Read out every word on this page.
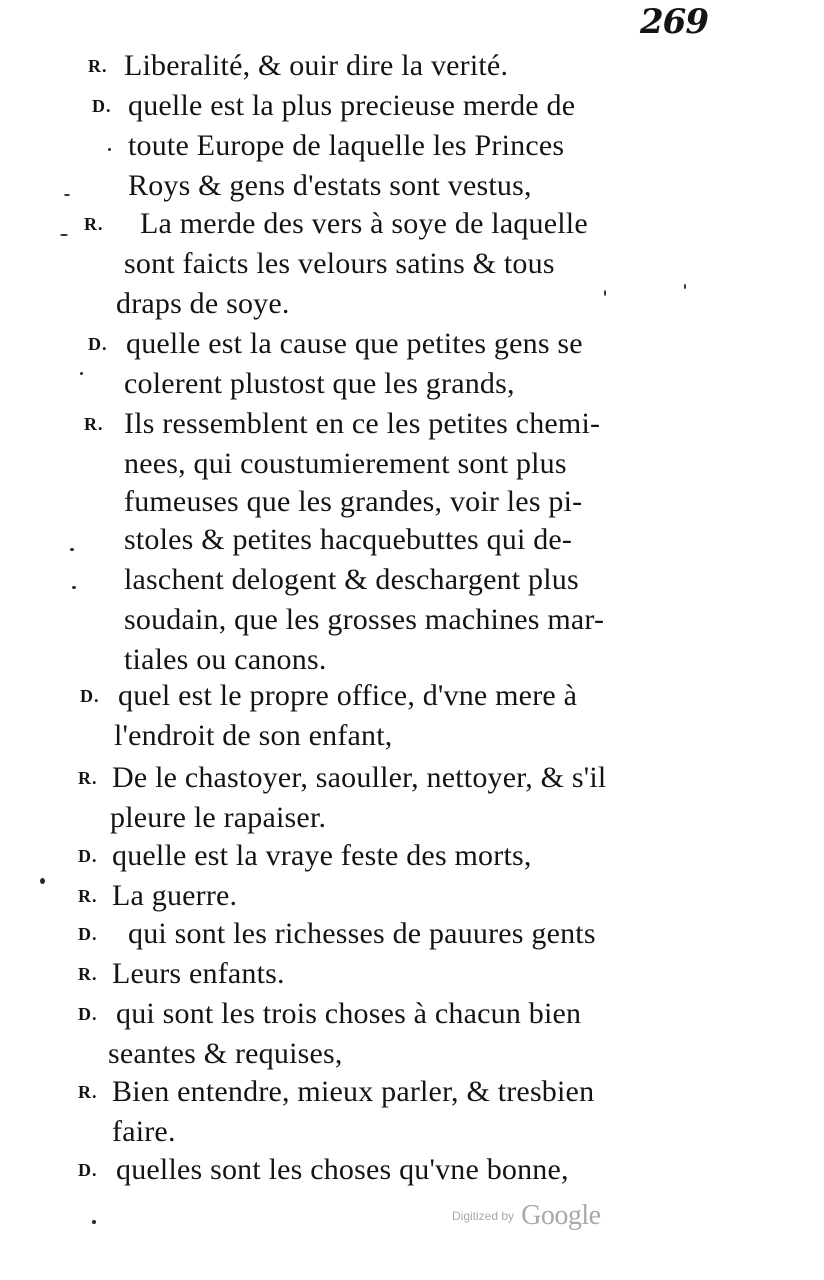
269
R. Liberalité, & ouir dire la verité.
D. quelle est la plus precieuse merde de
toute Europe de laquelle les Princes
Roys & gens d'estats sont vestus,
R. La merde des vers à soye de laquelle
sont faicts les velours satins & tous
draps de soye.
D. quelle est la cause que petites gens se
colerent plustost que les grands,
R. Ils ressemblent en ce les petites chemi-
nees, qui coustumierement sont plus
fumeuses que les grandes, voir les pi-
stoles & petites hacquebuttes qui de-
laschent delogent & deschargent plus
soudain, que les grosses machines mar-
tiales ou canons.
D. quel est le propre office, d'vne mere à
l'endroit de son enfant,
R. De le chastoyer, saouller, nettoyer, & s'il
pleure le rapaiser.
D. quelle est la vraye feste des morts,
R. La guerre.
D. qui sont les richesses de pauures gents
R. Leurs enfants.
D. qui sont les trois choses à chacun bien
seantes & requises,
R. Bien entendre, mieux parler, & tresbien
faire.
D. quelles sont les choses qu'vne bonne,
Digitized by Google
